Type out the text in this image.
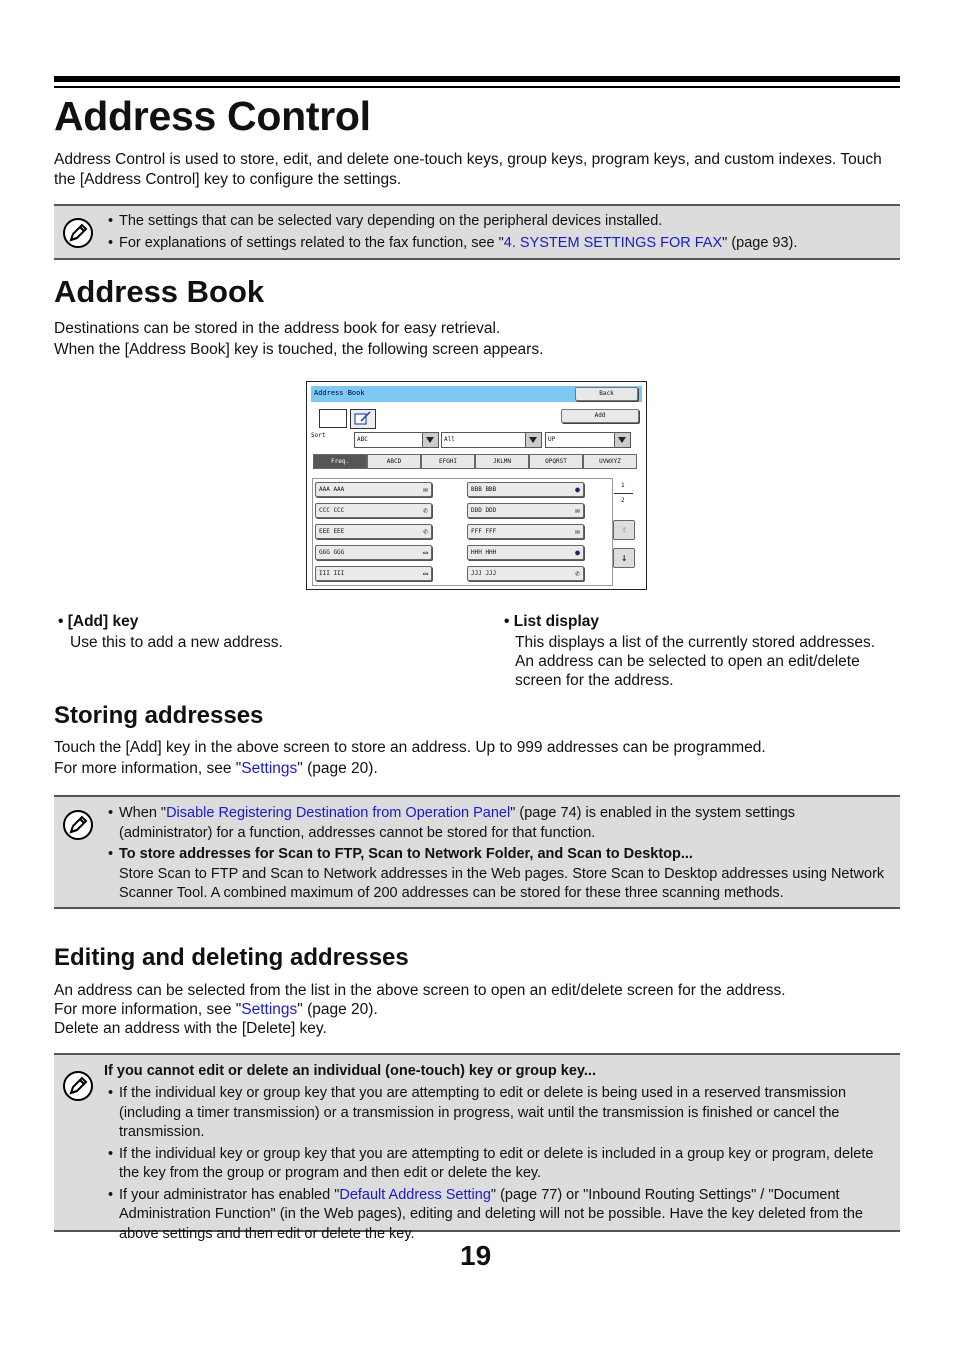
Address Control

Address Control is used to store, edit, and delete one-touch keys, group keys, program keys, and custom indexes. Touch the [Address Control] key to configure the settings.

• The settings that can be selected vary depending on the peripheral devices installed.
• For explanations of settings related to the fax function, see "4. SYSTEM SETTINGS FOR FAX" (page 93).
Address Book

Destinations can be stored in the address book for easy retrieval.

When the [Address Book] key is touched, the following screen appears.

Address Book	Back
Add
Sort
ABC	All	UP
Freq.	ABCD	EFGHI	JKLMN	OPQRST	UVWXYZ
AAA AAA	✉	BBB BBB	●
CCC CCC	✆	DDD DDD	✉
EEE EEE	✆	FFF FFF	✉
GGG GGG	▭	HHH HHH	●
III III	▭	JJJ JJJ	✆
1
2
↑
↓
• [Add] key

Use this to add a new address.

• List display

This displays a list of the currently stored addresses. An address can be selected to open an edit/delete screen for the address.

Storing addresses

Touch the [Add] key in the above screen to store an address. Up to 999 addresses can be programmed.

For more information, see "Settings" (page 20).

• When "Disable Registering Destination from Operation Panel" (page 74) is enabled in the system settings (administrator) for a function, addresses cannot be stored for that function.
• To store addresses for Scan to FTP, Scan to Network Folder, and Scan to Desktop...
Store Scan to FTP and Scan to Network addresses in the Web pages. Store Scan to Desktop addresses using Network Scanner Tool. A combined maximum of 200 addresses can be stored for these three scanning methods.
Editing and deleting addresses

An address can be selected from the list in the above screen to open an edit/delete screen for the address.

For more information, see "Settings" (page 20).

Delete an address with the [Delete] key.

If you cannot edit or delete an individual (one-touch) key or group key...
• If the individual key or group key that you are attempting to edit or delete is being used in a reserved transmission (including a timer transmission) or a transmission in progress, wait until the transmission is finished or cancel the transmission.
• If the individual key or group key that you are attempting to edit or delete is included in a group key or program, delete the key from the group or program and then edit or delete the key.
• If your administrator has enabled "Default Address Setting" (page 77) or "Inbound Routing Settings" / "Document Administration Function" (in the Web pages), editing and deleting will not be possible. Have the key deleted from the above settings and then edit or delete the key.
19
